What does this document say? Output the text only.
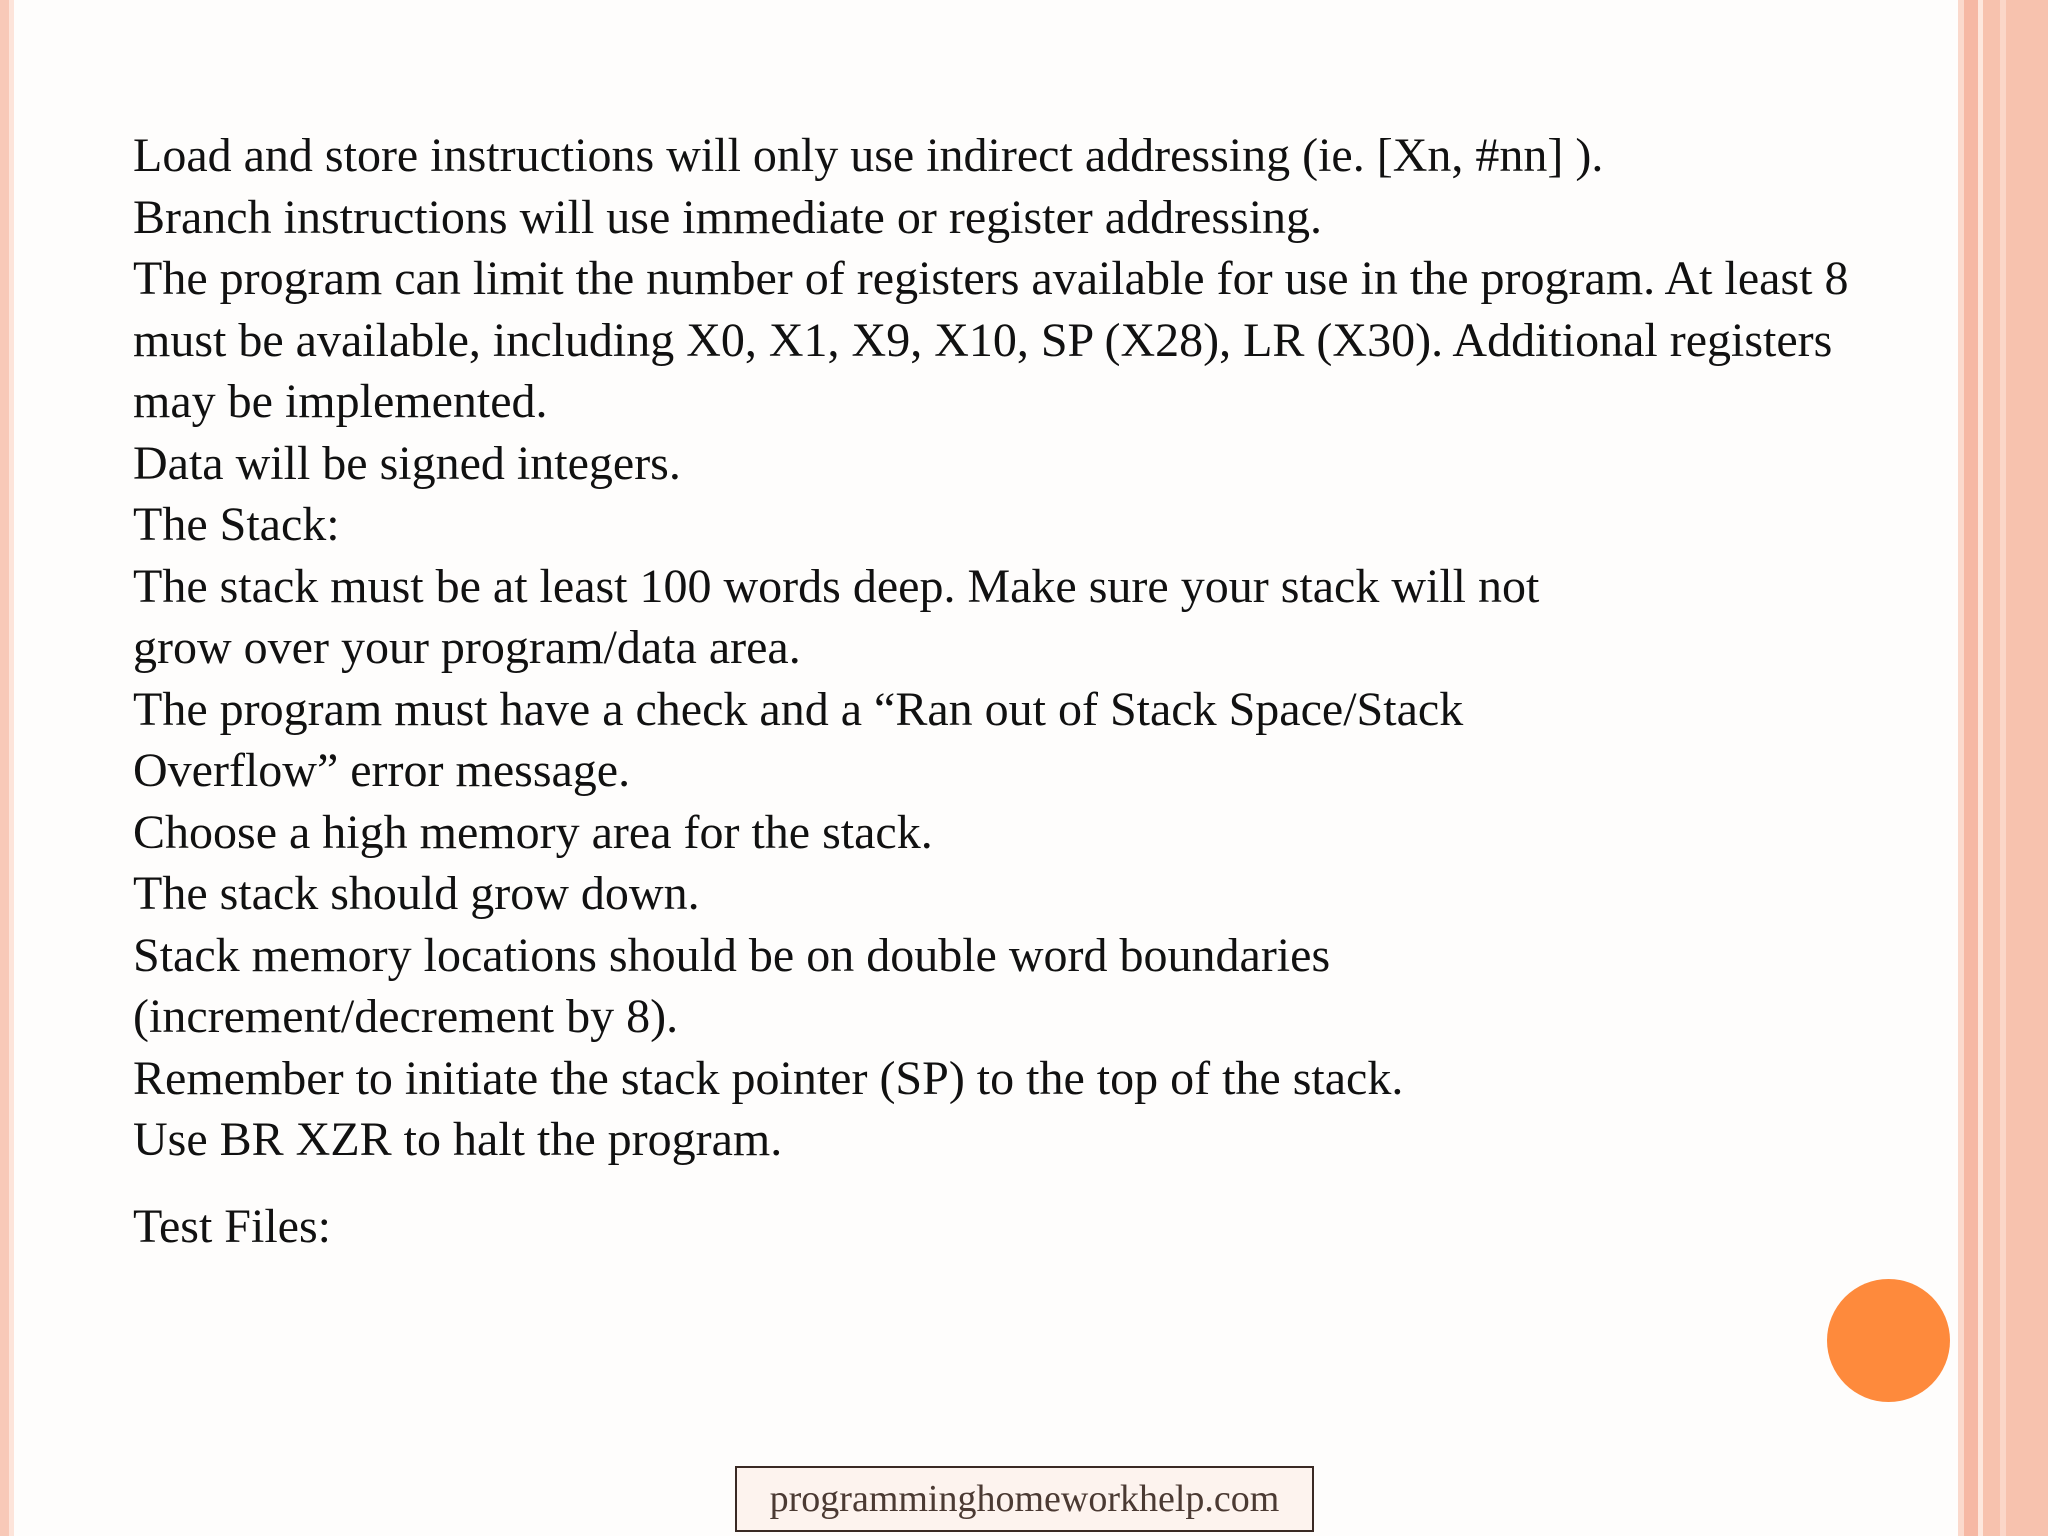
Load and store instructions will only use indirect addressing (ie. [Xn, #nn] ).

Branch instructions will use immediate or register addressing.

The program can limit the number of registers available for use in the program. At least 8

must be available, including X0, X1, X9, X10, SP (X28), LR (X30). Additional registers

may be implemented.

Data will be signed integers.

The Stack:

The stack must be at least 100 words deep. Make sure your stack will not

grow over your program/data area.

The program must have a check and a “Ran out of Stack Space/Stack

Overflow” error message.

Choose a high memory area for the stack.

The stack should grow down.

Stack memory locations should be on double word boundaries

(increment/decrement by 8).

Remember to initiate the stack pointer (SP) to the top of the stack.

Use BR XZR to halt the program.

Test Files:
programminghomeworkhelp.com
